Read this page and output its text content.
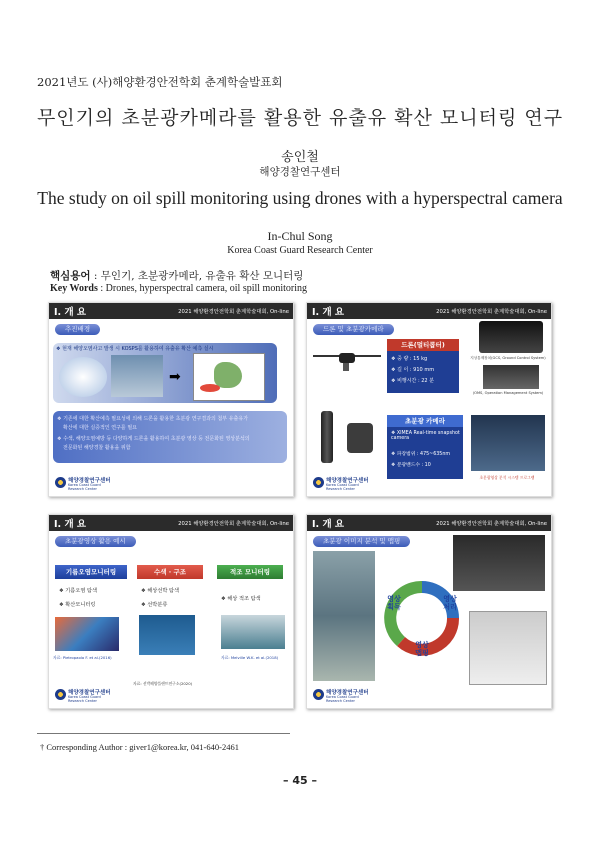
2021년도 (사)해양환경안전학회 춘계학술발표회
무인기의 초분광카메라를 활용한 유출유 확산 모니터링 연구
송인철
해양경찰연구센터
The study on oil spill monitoring using drones with a hyperspectral camera
In-Chul Song
Korea Coast Guard Research Center
핵심용어 : 무인기, 초분광카메라, 유출유 확산 모니터링
Key Words : Drones, hyperspectral camera, oil spill monitoring
I. 개 요	2021 해양환경안전학회 춘계학술대회, On-line
추진배경
❖ 현재 해양오염사고 발생 시 KOSPS를 활용하여 유출유 확산 예측 실시
➡
❖ 기존에 대한 확산예측 필요성에 의해 드론을 활용한 초분광 연구결과의 첨부 유출유가
확산에 대한 실증적인 연구를 필요
❖ 수색, 해양오염예방 등 다양하게 드론을 활용하여 초분광 영상 등 전문화된 영상분석의
전문화된 해양경찰 활용을 위함
해양경찰연구센터
Korea Coast Guard Research Center
I. 개 요	2021 해양환경안전학회 춘계학술대회, On-line
드론 및 초분광카메라
드론(멀티콥터)
❖ 중 량 : 15 kg
❖ 길 이 : 910 mm
❖ 비행시간 : 22 분
지상통제장치(GCS, Ground Control System)
(OMS, Operation Management System)
초분광 카메라
❖ XIMEA Real-time snapshot camera
❖ 파장범위 : 475~635nm
❖ 분광밴드수 : 10
초분광영상 분석 시스템 프로그램
해양경찰연구센터
Korea Coast Guard Research Center
I. 개 요	2021 해양환경안전학회 춘계학술대회, On-line
초분광영상 활용 예시
기름오염모니터링	수색 · 구조	적조 모니터링
❖ 기름오염 탐색
❖ 확산모니터링
❖ 해상선박 탐색
❖ 선박분류
❖ 해상 적조 탐색
자료: Pietropaolo F. et al.(2016)
자료: 선박해양플랜트연구소(2020)
자료: Melville W.K. et al.(2018)
해양경찰연구센터
Korea Coast Guard Research Center
I. 개 요	2021 해양환경안전학회 춘계학술대회, On-line
초분광 이미지 분석 및 맵핑
영상 획득
영상 처리
영상 맵핑
해양경찰연구센터
Korea Coast Guard Research Center
† Corresponding Author : giver1@korea.kr, 041-640-2461
– 45 –
